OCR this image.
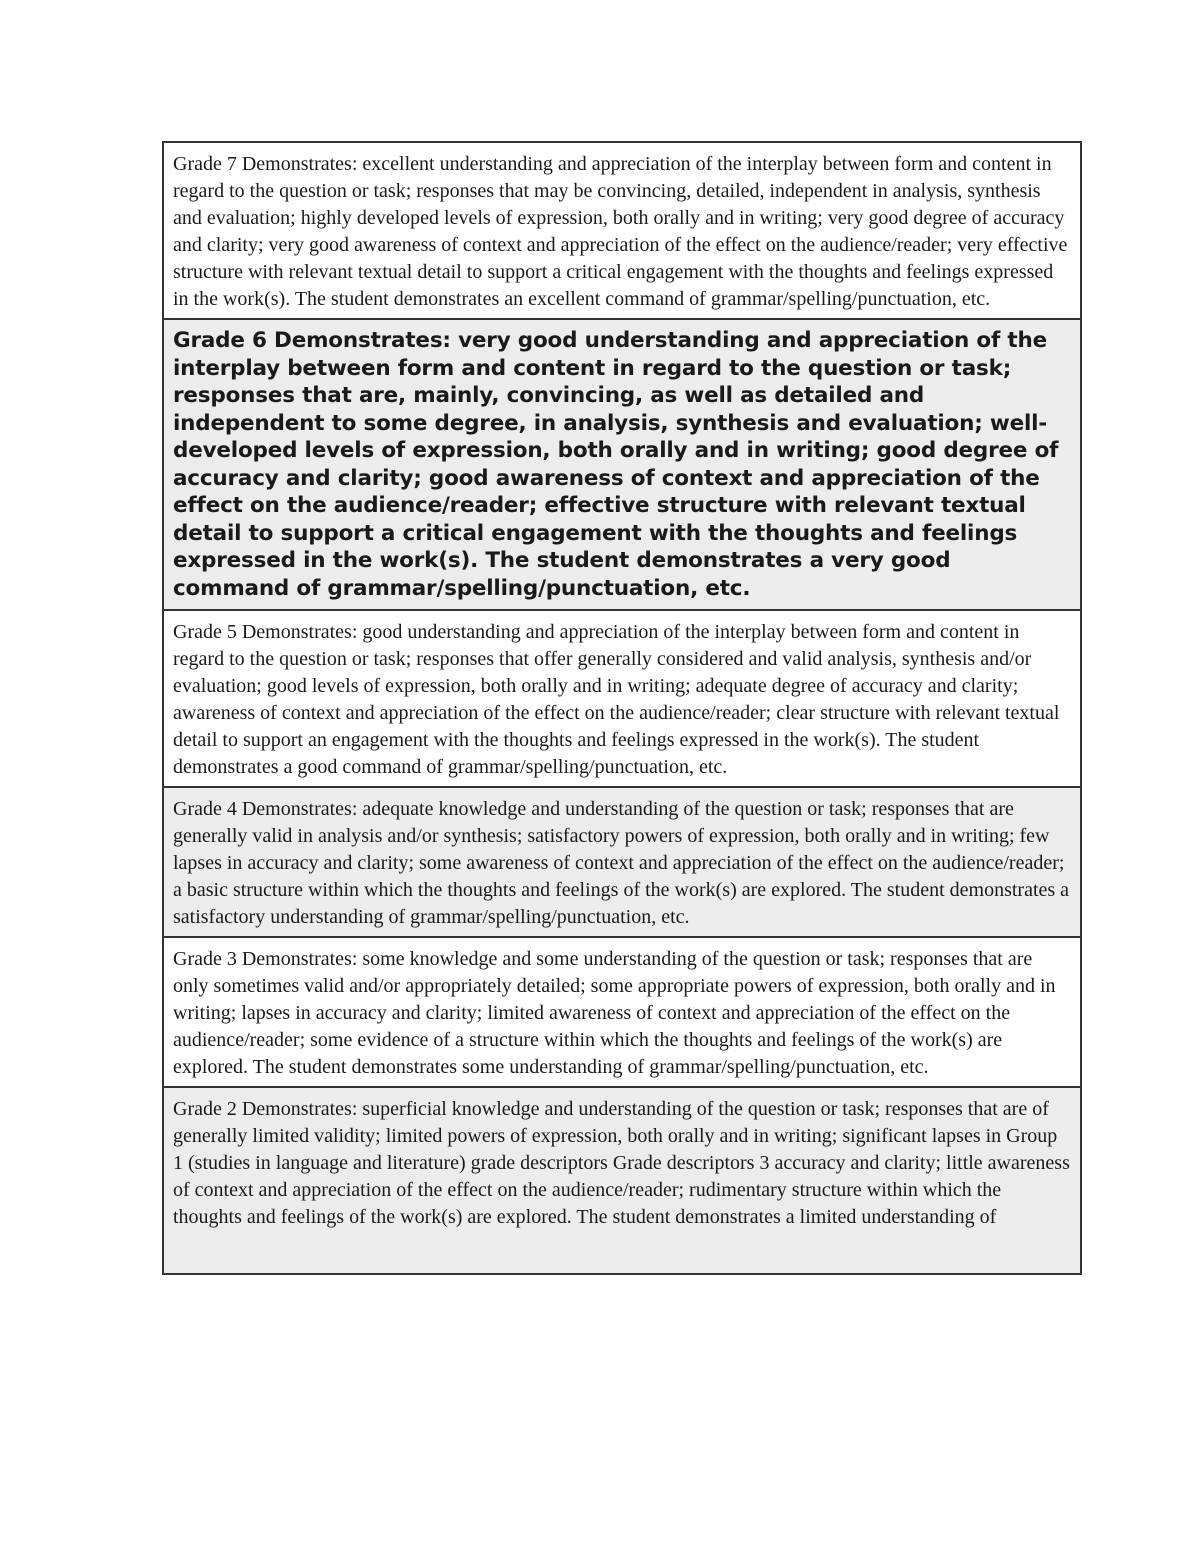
Grade 7 Demonstrates: excellent understanding and appreciation of the interplay between form and content in regard to the question or task; responses that may be convincing, detailed, independent in analysis, synthesis and evaluation; highly developed levels of expression, both orally and in writing; very good degree of accuracy and clarity; very good awareness of context and appreciation of the effect on the audience/reader; very effective structure with relevant textual detail to support a critical engagement with the thoughts and feelings expressed in the work(s). The student demonstrates an excellent command of grammar/spelling/punctuation, etc.
Grade 6 Demonstrates: very good understanding and appreciation of the interplay between form and content in regard to the question or task; responses that are, mainly, convincing, as well as detailed and independent to some degree, in analysis, synthesis and evaluation; well-developed levels of expression, both orally and in writing; good degree of accuracy and clarity; good awareness of context and appreciation of the effect on the audience/reader; effective structure with relevant textual detail to support a critical engagement with the thoughts and feelings expressed in the work(s). The student demonstrates a very good command of grammar/spelling/punctuation, etc.
Grade 5 Demonstrates: good understanding and appreciation of the interplay between form and content in regard to the question or task; responses that offer generally considered and valid analysis, synthesis and/or evaluation; good levels of expression, both orally and in writing; adequate degree of accuracy and clarity; awareness of context and appreciation of the effect on the audience/reader; clear structure with relevant textual detail to support an engagement with the thoughts and feelings expressed in the work(s). The student demonstrates a good command of grammar/spelling/punctuation, etc.
Grade 4 Demonstrates: adequate knowledge and understanding of the question or task; responses that are generally valid in analysis and/or synthesis; satisfactory powers of expression, both orally and in writing; few lapses in accuracy and clarity; some awareness of context and appreciation of the effect on the audience/reader; a basic structure within which the thoughts and feelings of the work(s) are explored. The student demonstrates a satisfactory understanding of grammar/spelling/punctuation, etc.
Grade 3 Demonstrates: some knowledge and some understanding of the question or task; responses that are only sometimes valid and/or appropriately detailed; some appropriate powers of expression, both orally and in writing; lapses in accuracy and clarity; limited awareness of context and appreciation of the effect on the audience/reader; some evidence of a structure within which the thoughts and feelings of the work(s) are explored. The student demonstrates some understanding of grammar/spelling/punctuation, etc.
Grade 2 Demonstrates: superficial knowledge and understanding of the question or task; responses that are of generally limited validity; limited powers of expression, both orally and in writing; significant lapses in Group 1 (studies in language and literature) grade descriptors Grade descriptors 3 accuracy and clarity; little awareness of context and appreciation of the effect on the audience/reader; rudimentary structure within which the thoughts and feelings of the work(s) are explored. The student demonstrates a limited understanding of
